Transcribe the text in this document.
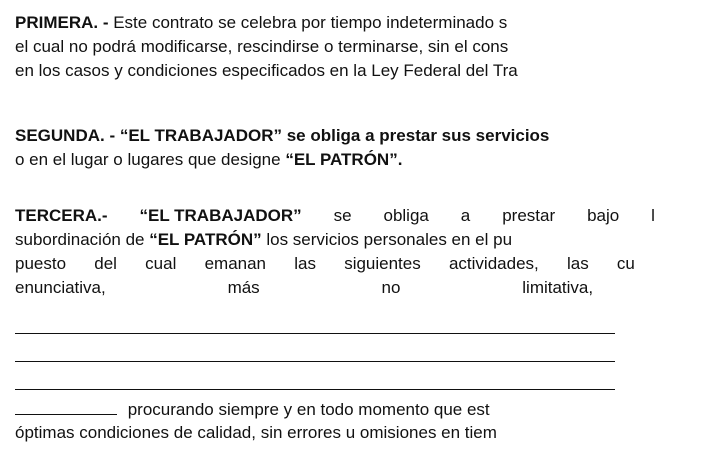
PRIMERA. - Este contrato se celebra por tiempo indeterminado s
el cual no podrá modificarse, rescindirse o terminarse, sin el cons
en los casos y condiciones especificados en la Ley Federal del Tra
SEGUNDA. - “EL TRABAJADOR” se obliga a prestar sus servicios
o en el lugar o lugares que designe “EL PATRÓN”.
TERCERA.- “EL TRABAJADOR” se obliga a prestar bajo l
subordinación de “EL PATRÓN” los servicios personales en el pu
puesto del cual emanan las siguientes actividades, las cu
enunciativa,	más	no	limitativa,
procurando siempre y en todo momento que est
óptimas condiciones de calidad, sin errores u omisiones en tiem
